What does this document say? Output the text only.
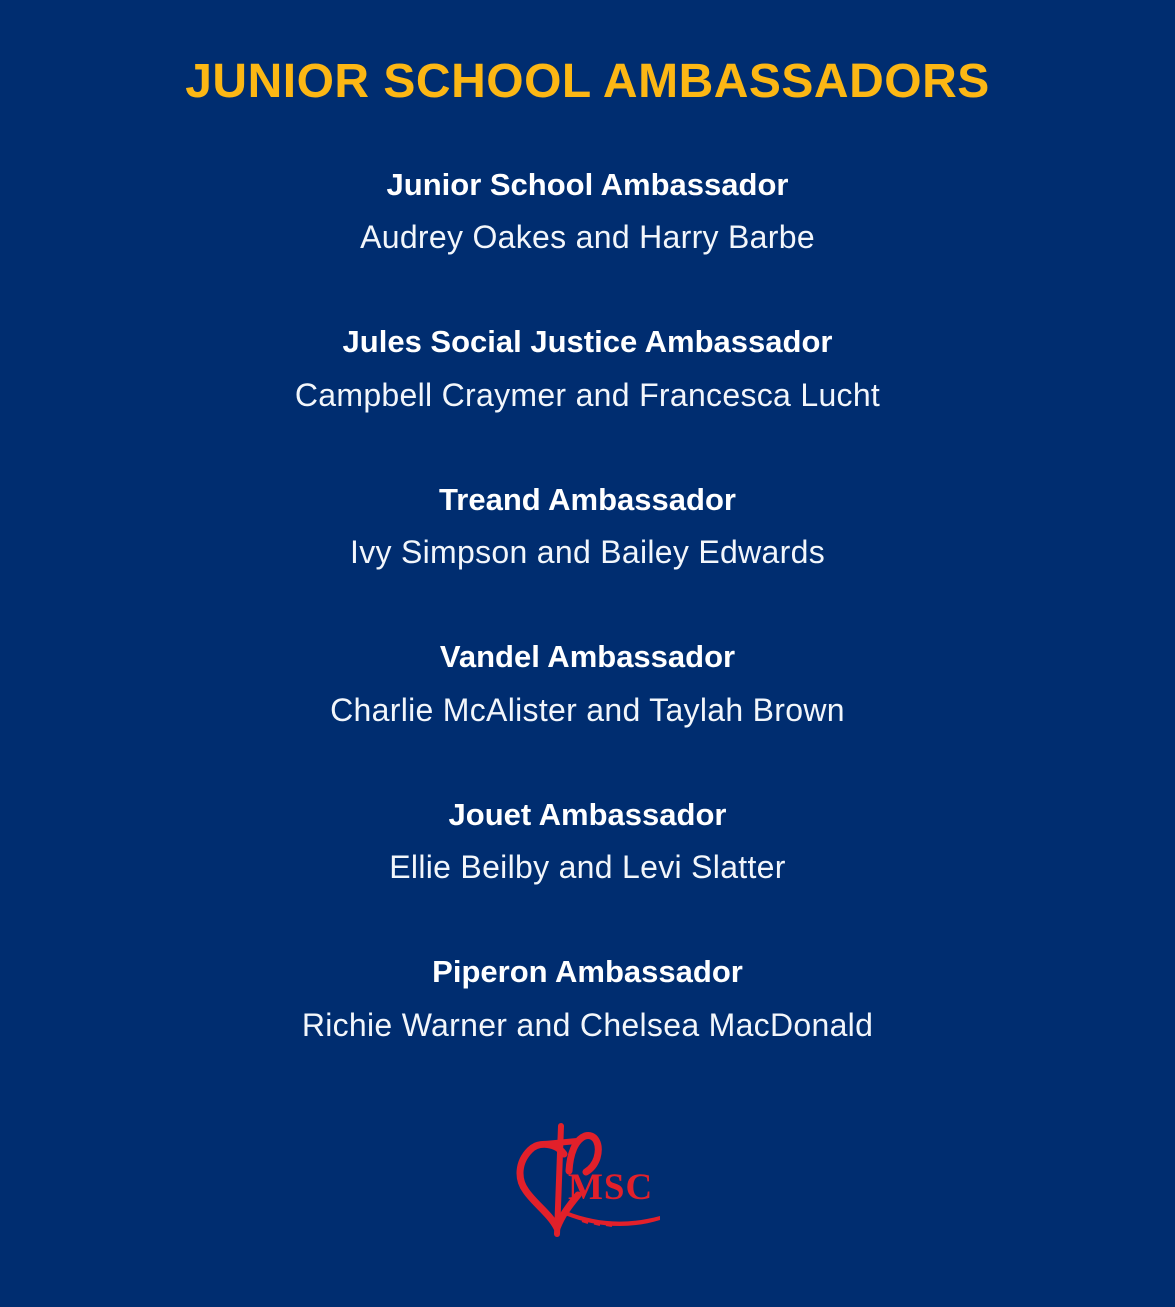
JUNIOR SCHOOL AMBASSADORS
Junior School Ambassador
Audrey Oakes and Harry Barbe
Jules Social Justice Ambassador
Campbell Craymer and Francesca Lucht
Treand Ambassador
Ivy Simpson and Bailey Edwards
Vandel Ambassador
Charlie McAlister and Taylah Brown
Jouet Ambassador
Ellie Beilby and Levi Slatter
Piperon Ambassador
Richie Warner and Chelsea MacDonald
MSC
